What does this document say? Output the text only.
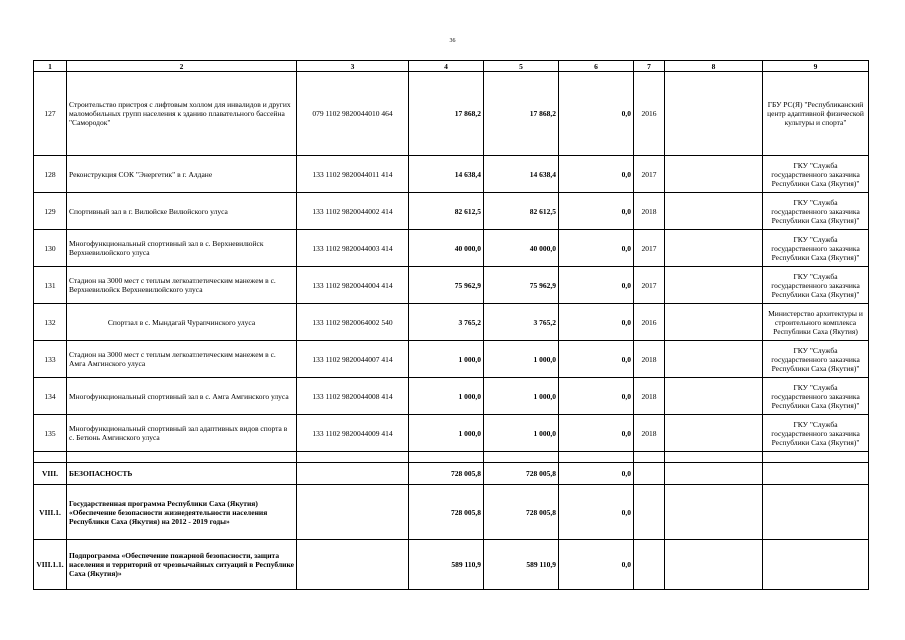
36
1	2	3	4	5	6	7	8	9
127	Строительство пристроя с лифтовым холлом для инвалидов и других маломобильных групп населения к зданию плавательного бассейна "Самородок"	079 1102 9820044010 464	17 868,2	17 868,2	0,0	2016		ГБУ РС(Я) "Республиканский центр адаптивной физической культуры и спорта"
128	Реконструкция СОК "Энергетик" в г. Алдане	133 1102 9820044011 414	14 638,4	14 638,4	0,0	2017		ГКУ "Служба государственного заказчика Республики Саха (Якутия)"
129	Спортивный зал в г. Вилюйске Вилюйского улуса	133 1102 9820044002 414	82 612,5	82 612,5	0,0	2018		ГКУ "Служба государственного заказчика Республики Саха (Якутия)"
130	Многофункциональный спортивный зал в с. Верхневилюйск Верхневилюйского улуса	133 1102 9820044003 414	40 000,0	40 000,0	0,0	2017		ГКУ "Служба государственного заказчика Республики Саха (Якутия)"
131	Стадион на 3000 мест с теплым легкоатлетическим манежем в с. Верхневилюйск Верхневилюйского улуса	133 1102 9820044004 414	75 962,9	75 962,9	0,0	2017		ГКУ "Служба государственного заказчика Республики Саха (Якутия)"
132	Спортзал в с. Мындагай Чурапчинского улуса	133 1102 9820064002 540	3 765,2	3 765,2	0,0	2016		Министерство архитектуры и строительного комплекса Республики Саха (Якутия)
133	Стадион на 3000 мест с теплым легкоатлетическим манежем в с. Амга Амгинского улуса	133 1102 9820044007 414	1 000,0	1 000,0	0,0	2018		ГКУ "Служба государственного заказчика Республики Саха (Якутия)"
134	Многофункциональный спортивный зал в с. Амга Амгинского улуса	133 1102 9820044008 414	1 000,0	1 000,0	0,0	2018		ГКУ "Служба государственного заказчика Республики Саха (Якутия)"
135	Многофункциональный спортивный зал адаптивных видов спорта в с. Бетюнь Амгинского улуса	133 1102 9820044009 414	1 000,0	1 000,0	0,0	2018		ГКУ "Служба государственного заказчика Республики Саха (Якутия)"

VIII.	БЕЗОПАСНОСТЬ		728 005,8	728 005,8	0,0			
VIII.1.	Государственная программа Республики Саха (Якутия) «Обеспечение безопасности жизнедеятельности населения Республики Саха (Якутия) на 2012 - 2019 годы»		728 005,8	728 005,8	0,0			
VIII.1.1.	Подпрограмма «Обеспечение пожарной безопасности, защита населения и территорий от чрезвычайных ситуаций в Республике Саха (Якутия)»		589 110,9	589 110,9	0,0			
